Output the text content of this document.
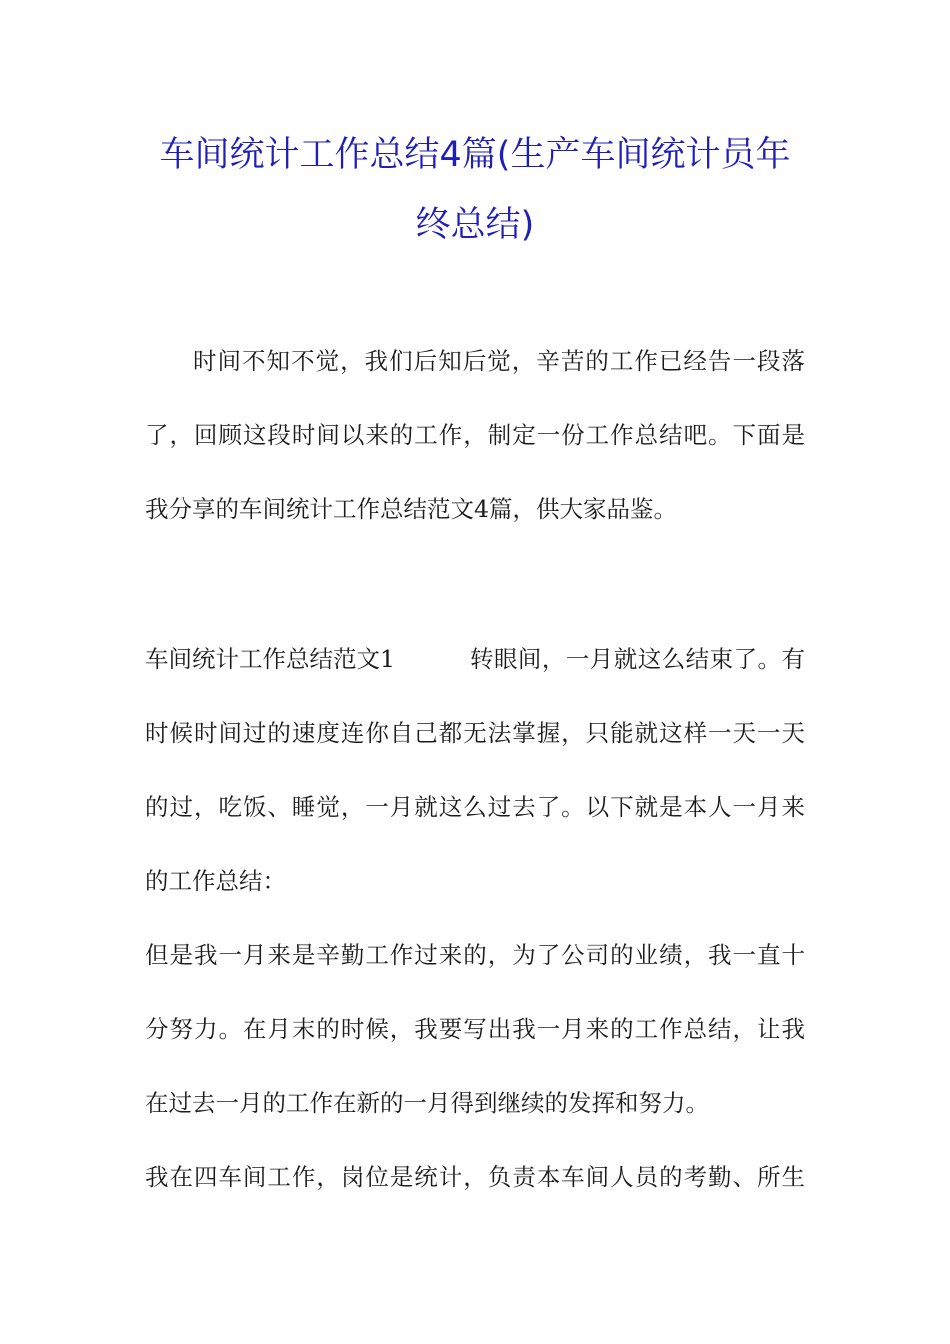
车间统计工作总结4篇(生产车间统计员年
终总结)
时间不知不觉，我们后知后觉，辛苦的工作已经告一段落
了，回顾这段时间以来的工作，制定一份工作总结吧。下面是
我分享的车间统计工作总结范文4篇，供大家品鉴。
车间统计工作总结范文1	转眼间，一月就这么结束了。有
时候时间过的速度连你自己都无法掌握，只能就这样一天一天
的过，吃饭、睡觉，一月就这么过去了。以下就是本人一月来
的工作总结：
但是我一月来是辛勤工作过来的，为了公司的业绩，我一直十
分努力。在月末的时候，我要写出我一月来的工作总结，让我
在过去一月的工作在新的一月得到继续的发挥和努力。
我在四车间工作，岗位是统计，负责本车间人员的考勤、所生
